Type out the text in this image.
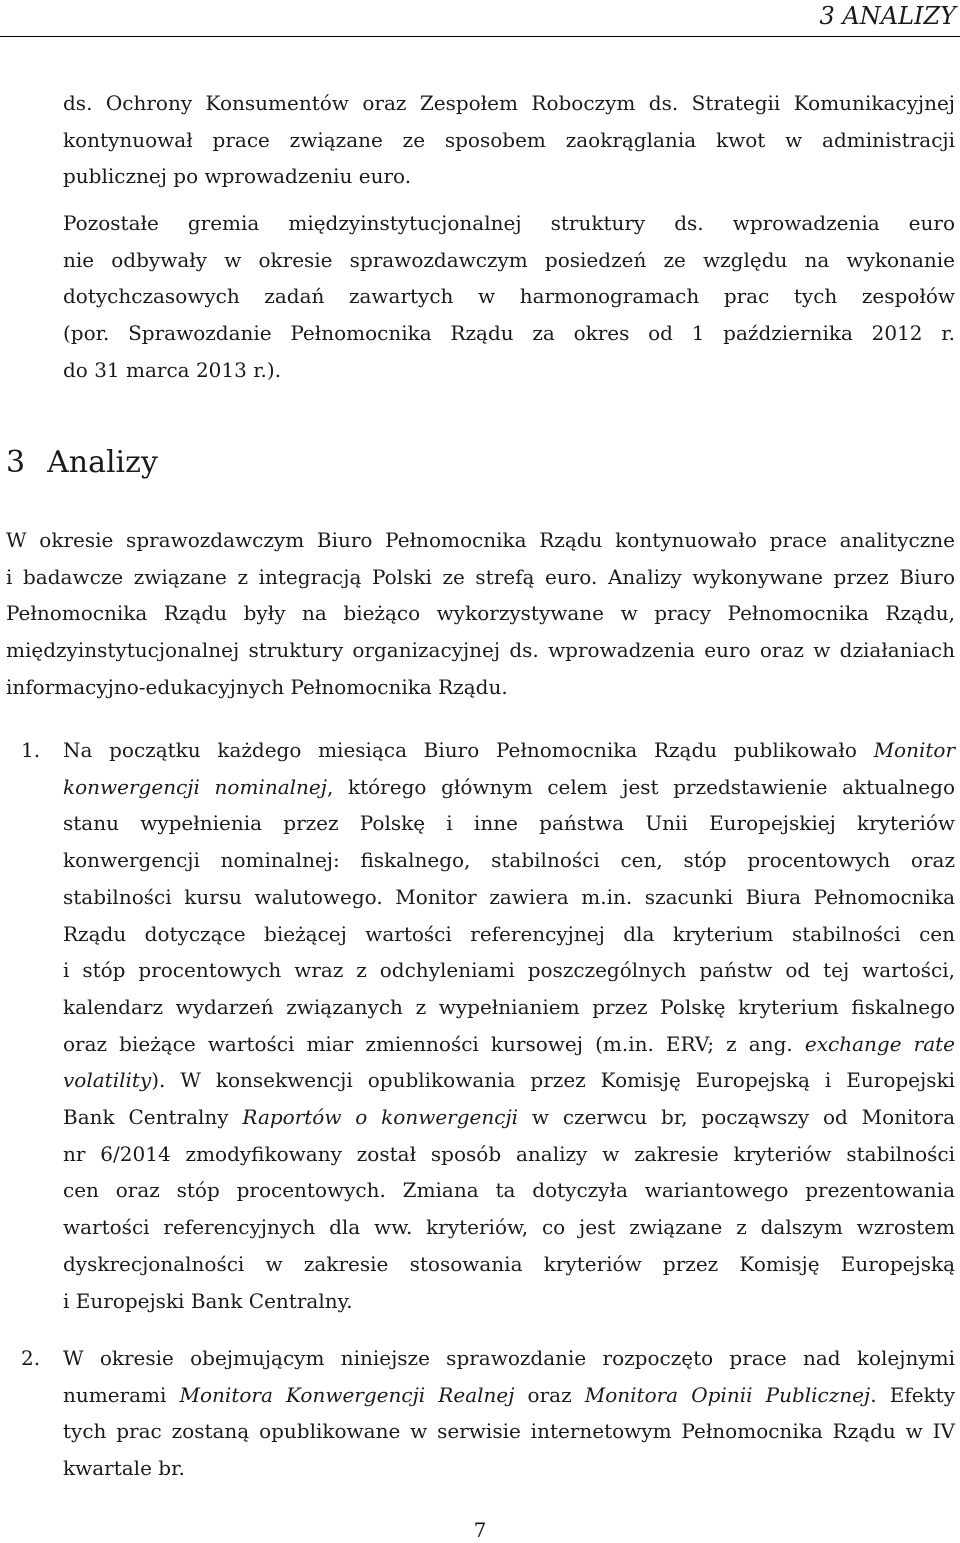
3 ANALIZY
ds. Ochrony Konsumentów oraz Zespołem Roboczym ds. Strategii Komunikacyjnej
kontynuował prace związane ze sposobem zaokrąglania kwot w administracji
publicznej po wprowadzeniu euro.
Pozostałe gremia międzyinstytucjonalnej struktury ds. wprowadzenia euro
nie odbywały w okresie sprawozdawczym posiedzeń ze względu na wykonanie
dotychczasowych zadań zawartych w harmonogramach prac tych zespołów
(por. Sprawozdanie Pełnomocnika Rządu za okres od 1 października 2012 r.
do 31 marca 2013 r.).
3 Analizy
W okresie sprawozdawczym Biuro Pełnomocnika Rządu kontynuowało prace analityczne
i badawcze związane z integracją Polski ze strefą euro. Analizy wykonywane przez Biuro
Pełnomocnika Rządu były na bieżąco wykorzystywane w pracy Pełnomocnika Rządu,
międzyinstytucjonalnej struktury organizacyjnej ds. wprowadzenia euro oraz w działaniach
informacyjno-edukacyjnych Pełnomocnika Rządu.
1. Na początku każdego miesiąca Biuro Pełnomocnika Rządu publikowało Monitor
konwergencji nominalnej, którego głównym celem jest przedstawienie aktualnego
stanu wypełnienia przez Polskę i inne państwa Unii Europejskiej kryteriów
konwergencji nominalnej: fiskalnego, stabilności cen, stóp procentowych oraz
stabilności kursu walutowego. Monitor zawiera m.in. szacunki Biura Pełnomocnika
Rządu dotyczące bieżącej wartości referencyjnej dla kryterium stabilności cen
i stóp procentowych wraz z odchyleniami poszczególnych państw od tej wartości,
kalendarz wydarzeń związanych z wypełnianiem przez Polskę kryterium fiskalnego
oraz bieżące wartości miar zmienności kursowej (m.in. ERV; z ang. exchange rate
volatility). W konsekwencji opublikowania przez Komisję Europejską i Europejski
Bank Centralny Raportów o konwergencji w czerwcu br, począwszy od Monitora
nr 6/2014 zmodyfikowany został sposób analizy w zakresie kryteriów stabilności
cen oraz stóp procentowych. Zmiana ta dotyczyła wariantowego prezentowania
wartości referencyjnych dla ww. kryteriów, co jest związane z dalszym wzrostem
dyskrecjonalności w zakresie stosowania kryteriów przez Komisję Europejską
i Europejski Bank Centralny.
2. W okresie obejmującym niniejsze sprawozdanie rozpoczęto prace nad kolejnymi
numerami Monitora Konwergencji Realnej oraz Monitora Opinii Publicznej. Efekty
tych prac zostaną opublikowane w serwisie internetowym Pełnomocnika Rządu w IV
kwartale br.
7
